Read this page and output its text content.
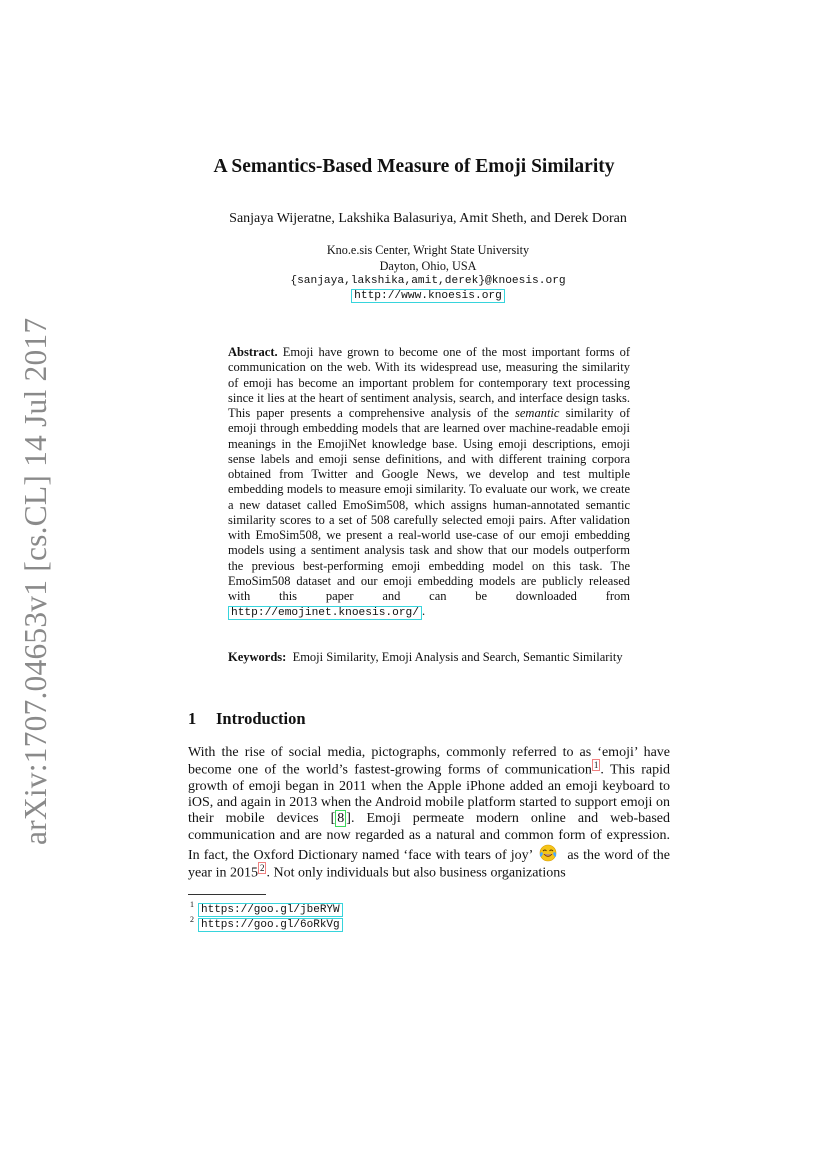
arXiv:1707.04653v1 [cs.CL] 14 Jul 2017
A Semantics-Based Measure of Emoji Similarity
Sanjaya Wijeratne, Lakshika Balasuriya, Amit Sheth, and Derek Doran
Kno.e.sis Center, Wright State University
Dayton, Ohio, USA
{sanjaya,lakshika,amit,derek}@knoesis.org
http://www.knoesis.org
Abstract. Emoji have grown to become one of the most important forms of communication on the web. With its widespread use, measuring the similarity of emoji has become an important problem for contemporary text processing since it lies at the heart of sentiment analysis, search, and interface design tasks. This paper presents a comprehensive analysis of the semantic similarity of emoji through embedding models that are learned over machine-readable emoji meanings in the EmojiNet knowledge base. Using emoji descriptions, emoji sense labels and emoji sense definitions, and with different training corpora obtained from Twitter and Google News, we develop and test multiple embedding models to measure emoji similarity. To evaluate our work, we create a new dataset called EmoSim508, which assigns human-annotated semantic similarity scores to a set of 508 carefully selected emoji pairs. After validation with EmoSim508, we present a real-world use-case of our emoji embedding models using a sentiment analysis task and show that our models outperform the previous best-performing emoji embedding model on this task. The EmoSim508 dataset and our emoji embedding models are publicly released with this paper and can be downloaded from http://emojinet.knoesis.org/ .
Keywords: Emoji Similarity, Emoji Analysis and Search, Semantic Similarity
1 Introduction
With the rise of social media, pictographs, commonly referred to as ‘emoji’ have become one of the world’s fastest-growing forms of communication $^1$ . This rapid growth of emoji began in 2011 when the Apple iPhone added an emoji keyboard to iOS, and again in 2013 when the Android mobile platform started to support emoji on their mobile devices [ 8 ]. Emoji permeate modern online and web-based communication and are now regarded as a natural and common form of expression. In fact, the Oxford Dictionary named ‘face with tears of joy’ as the word of the year in 2015 $^2$ . Not only individuals but also business organizations
$^1$ https://goo.gl/jbeRYW
$^2$ https://goo.gl/6oRkVg
